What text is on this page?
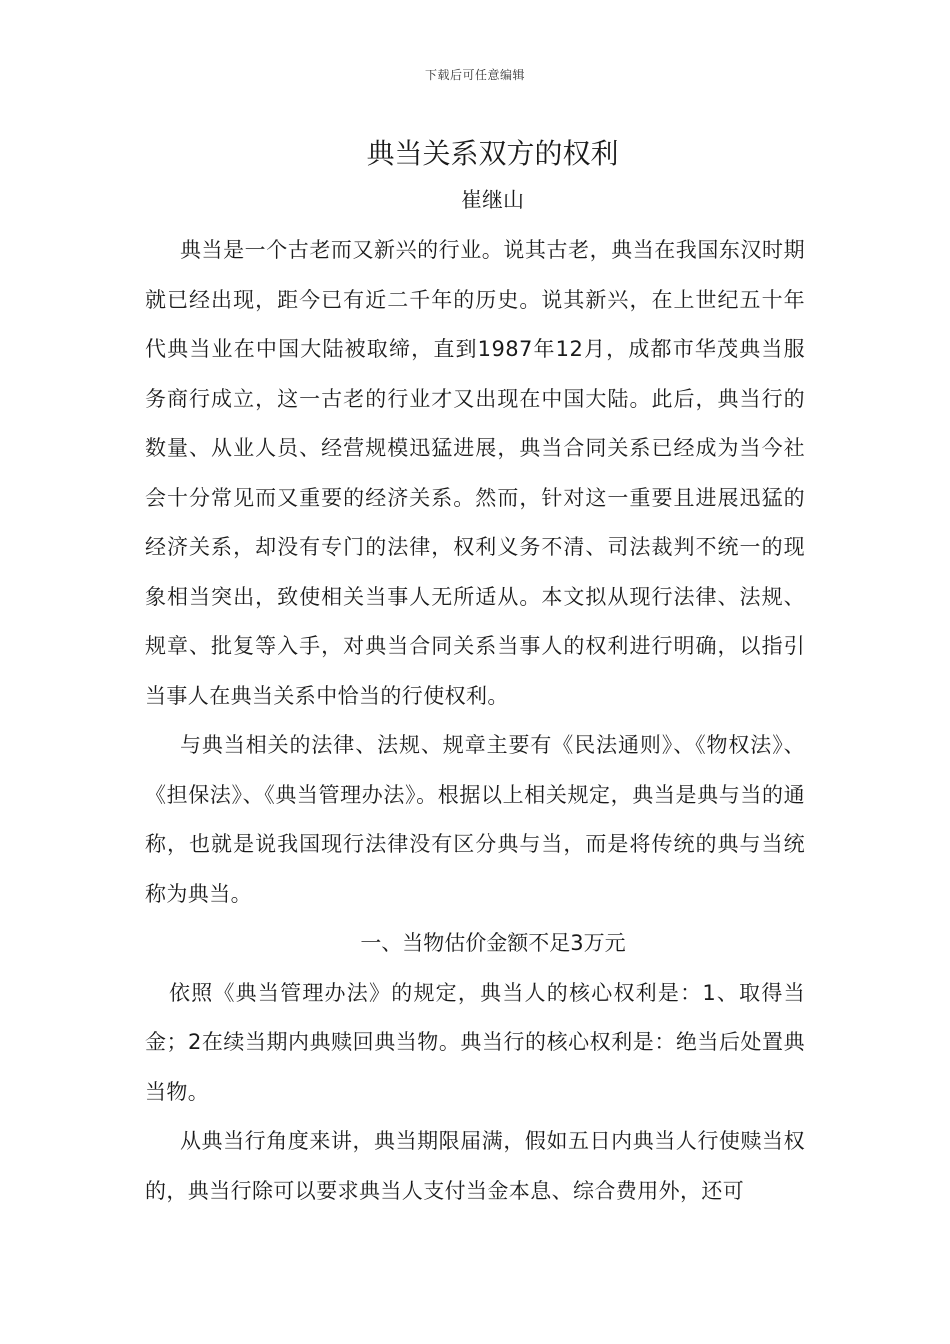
下载后可任意编辑
典当关系双方的权利
崔继山

典当是一个古老而又新兴的行业。说其古老，典当在我国东汉时期就已经出现，距今已有近二千年的历史。说其新兴，在上世纪五十年代典当业在中国大陆被取缔，直到1987年12月，成都市华茂典当服务商行成立，这一古老的行业才又出现在中国大陆。此后，典当行的数量、从业人员、经营规模迅猛进展，典当合同关系已经成为当今社会十分常见而又重要的经济关系。然而，针对这一重要且进展迅猛的经济关系，却没有专门的法律，权利义务不清、司法裁判不统一的现象相当突出，致使相关当事人无所适从。本文拟从现行法律、法规、规章、批复等入手，对典当合同关系当事人的权利进行明确，以指引当事人在典当关系中恰当的行使权利。

与典当相关的法律、法规、规章主要有《民法通则》、《物权法》、《担保法》、《典当管理办法》。根据以上相关规定，典当是典与当的通称，也就是说我国现行法律没有区分典与当，而是将传统的典与当统称为典当。

一、当物估价金额不足3万元

依照《典当管理办法》的规定，典当人的核心权利是：1、取得当金；2在续当期内典赎回典当物。典当行的核心权利是：绝当后处置典当物。

从典当行角度来讲，典当期限届满，假如五日内典当人行使赎当权的，典当行除可以要求典当人支付当金本息、综合费用外，还可
